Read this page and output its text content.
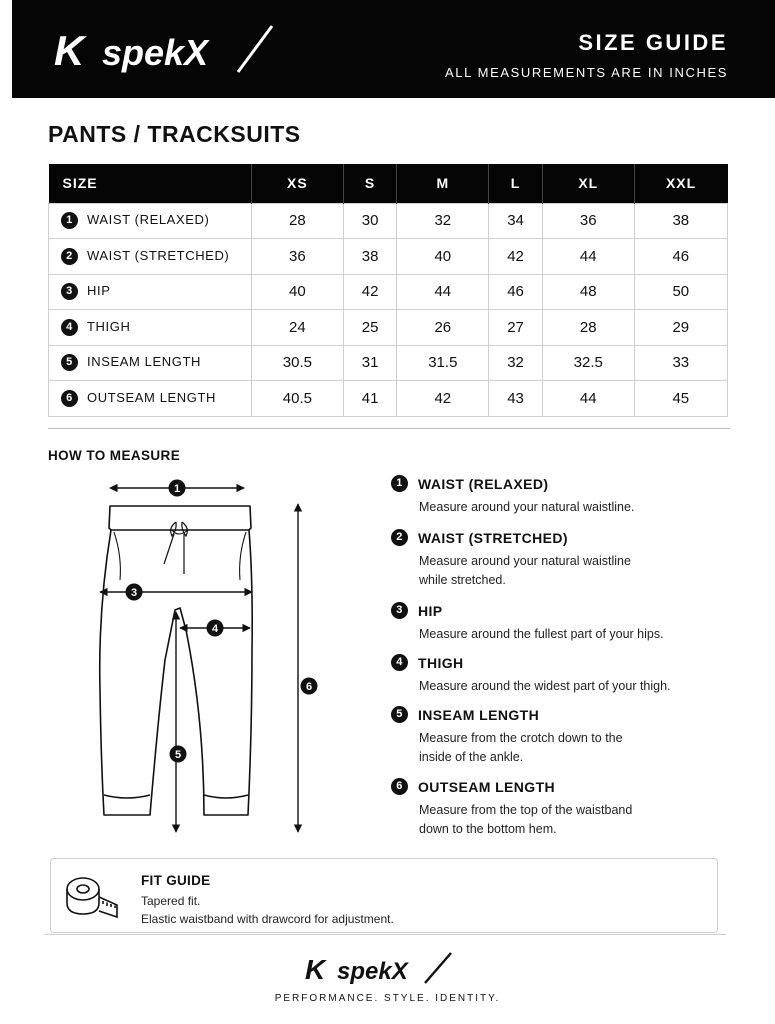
K spekX	SIZE GUIDE
ALL MEASUREMENTS ARE IN INCHES
PANTS / TRACKSUITS
SIZE	XS	S	M	L	XL	XXL
1 WAIST (RELAXED)	28	30	32	34	36	38
2 WAIST (STRETCHED)	36	38	40	42	44	46
3 HIP	40	42	44	46	48	50
4 THIGH	24	25	26	27	28	29
5 INSEAM LENGTH	30.5	31	31.5	32	32.5	33
6 OUTSEAM LENGTH	40.5	41	42	43	44	45
HOW TO MEASURE
1
3
4
5
6
1	WAIST (RELAXED)
Measure around your natural waistline.
2	WAIST (STRETCHED)
Measure around your natural waistline
while stretched.
3	HIP
Measure around the fullest part of your hips.
4	THIGH
Measure around the widest part of your thigh.
5	INSEAM LENGTH
Measure from the crotch down to the
inside of the ankle.
6	OUTSEAM LENGTH
Measure from the top of the waistband
down to the bottom hem.
FIT GUIDE
Tapered fit.
Elastic waistband with drawcord for adjustment.
K spekX
PERFORMANCE. STYLE. IDENTITY.
